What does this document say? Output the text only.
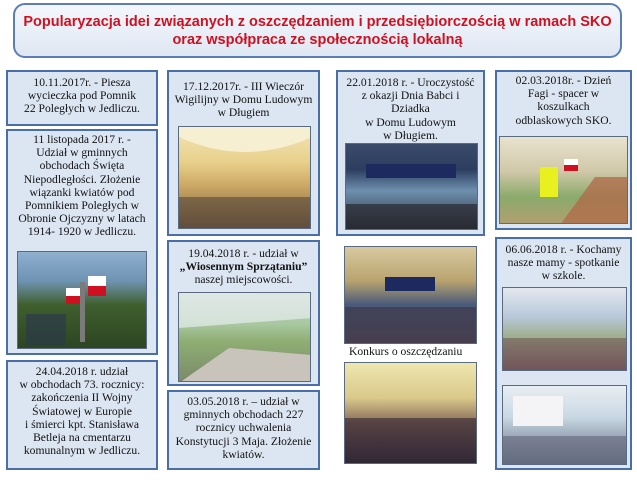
Popularyzacja idei związanych z oszczędzaniem i przedsiębiorczością w ramach SKO
oraz współpraca ze społecznością lokalną
10.11.2017r. - Piesza
wycieczka pod Pomnik
22 Poległych w Jedliczu.
11 listopada 2017 r. -
Udział w gminnych
obchodach Święta
Niepodległości. Złożenie
wiązanki kwiatów pod
Pomnikiem Poległych w
Obronie Ojczyzny w latach
1914- 1920 w Jedliczu.
24.04.2018 r. udział
w obchodach 73. rocznicy:
zakończenia II Wojny
Światowej w Europie
i śmierci kpt. Stanisława
Betleja na cmentarzu
komunalnym w Jedliczu.
17.12.2017r. - III Wieczór
Wigilijny w Domu Ludowym
w Długiem
19.04.2018 r. - udział w
„Wiosennym Sprzątaniu”
naszej miejscowości.
03.05.2018 r. – udział w
gminnych obchodach 227
rocznicy uchwalenia
Konstytucji 3 Maja. Złożenie
kwiatów.
22.01.2018 r. - Uroczystość
z okazji Dnia Babci i Dziadka
w Domu Ludowym
w Długiem.
Konkurs o oszczędzaniu
02.03.2018r. - Dzień
Fagi - spacer w
koszulkach
odblaskowych SKO.
06.06.2018 r. - Kochamy
nasze mamy - spotkanie
w szkole.
